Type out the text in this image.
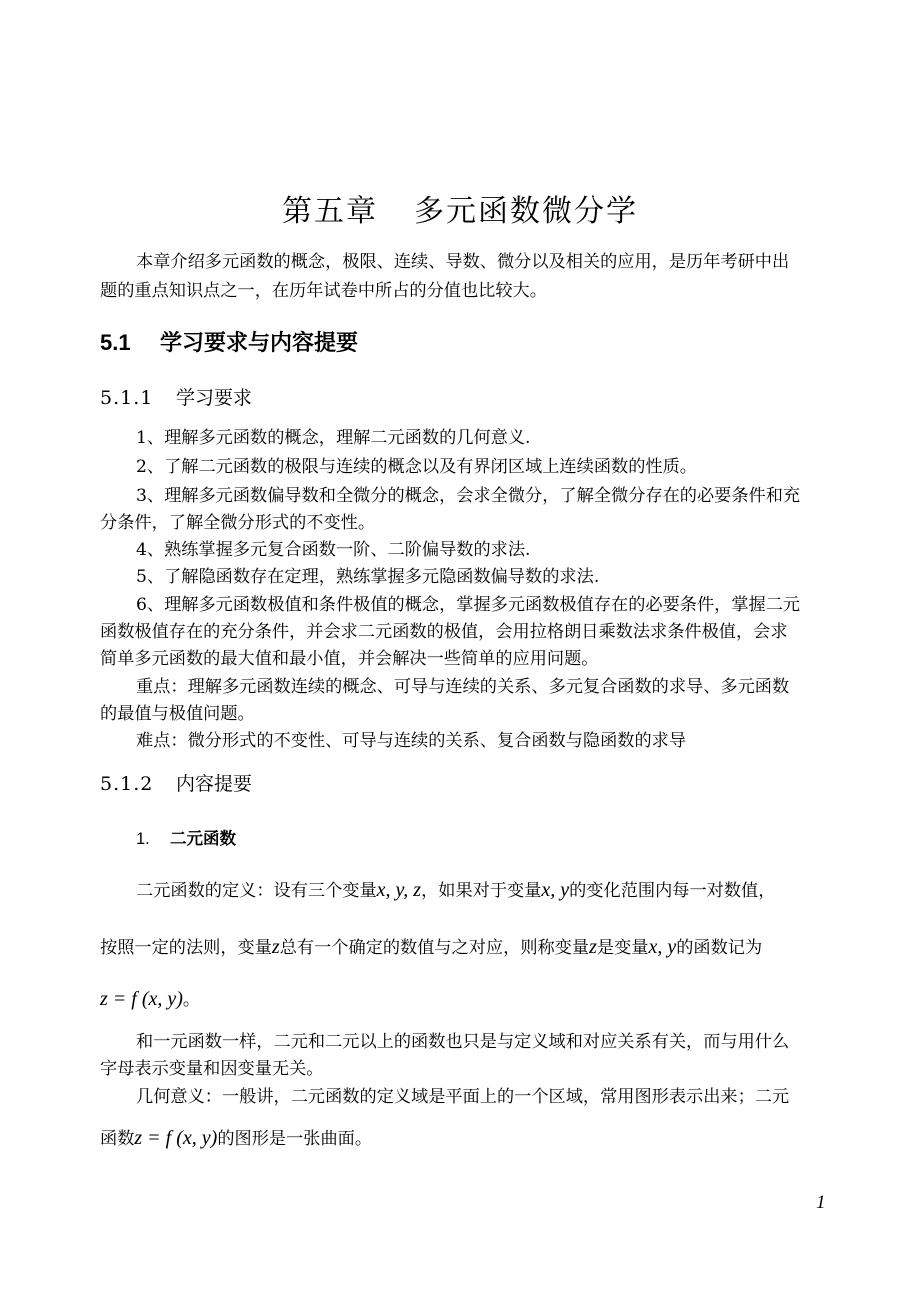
第五章 多元函数微分学
本章介绍多元函数的概念，极限、连续、导数、微分以及相关的应用，是历年考研中出
题的重点知识点之一，在历年试卷中所占的分值也比较大。
5.1 学习要求与内容提要
5.1.1 学习要求
1、理解多元函数的概念，理解二元函数的几何意义.
2、了解二元函数的极限与连续的概念以及有界闭区域上连续函数的性质。
3、理解多元函数偏导数和全微分的概念，会求全微分，了解全微分存在的必要条件和充
分条件，了解全微分形式的不变性。
4、熟练掌握多元复合函数一阶、二阶偏导数的求法.
5、了解隐函数存在定理，熟练掌握多元隐函数偏导数的求法.
6、理解多元函数极值和条件极值的概念，掌握多元函数极值存在的必要条件，掌握二元
函数极值存在的充分条件，并会求二元函数的极值，会用拉格朗日乘数法求条件极值，会求
简单多元函数的最大值和最小值，并会解决一些简单的应用问题。
重点：理解多元函数连续的概念、可导与连续的关系、多元复合函数的求导、多元函数
的最值与极值问题。
难点：微分形式的不变性、可导与连续的关系、复合函数与隐函数的求导
5.1.2 内容提要
1. 二元函数
二元函数的定义：设有三个变量x, y, z，如果对于变量x, y的变化范围内每一对数值，
按照一定的法则，变量z总有一个确定的数值与之对应，则称变量z是变量x, y的函数记为
z = f (x, y)。
和一元函数一样，二元和二元以上的函数也只是与定义域和对应关系有关，而与用什么
字母表示变量和因变量无关。
几何意义：一般讲，二元函数的定义域是平面上的一个区域，常用图形表示出来；二元
函数z = f (x, y)的图形是一张曲面。
1
